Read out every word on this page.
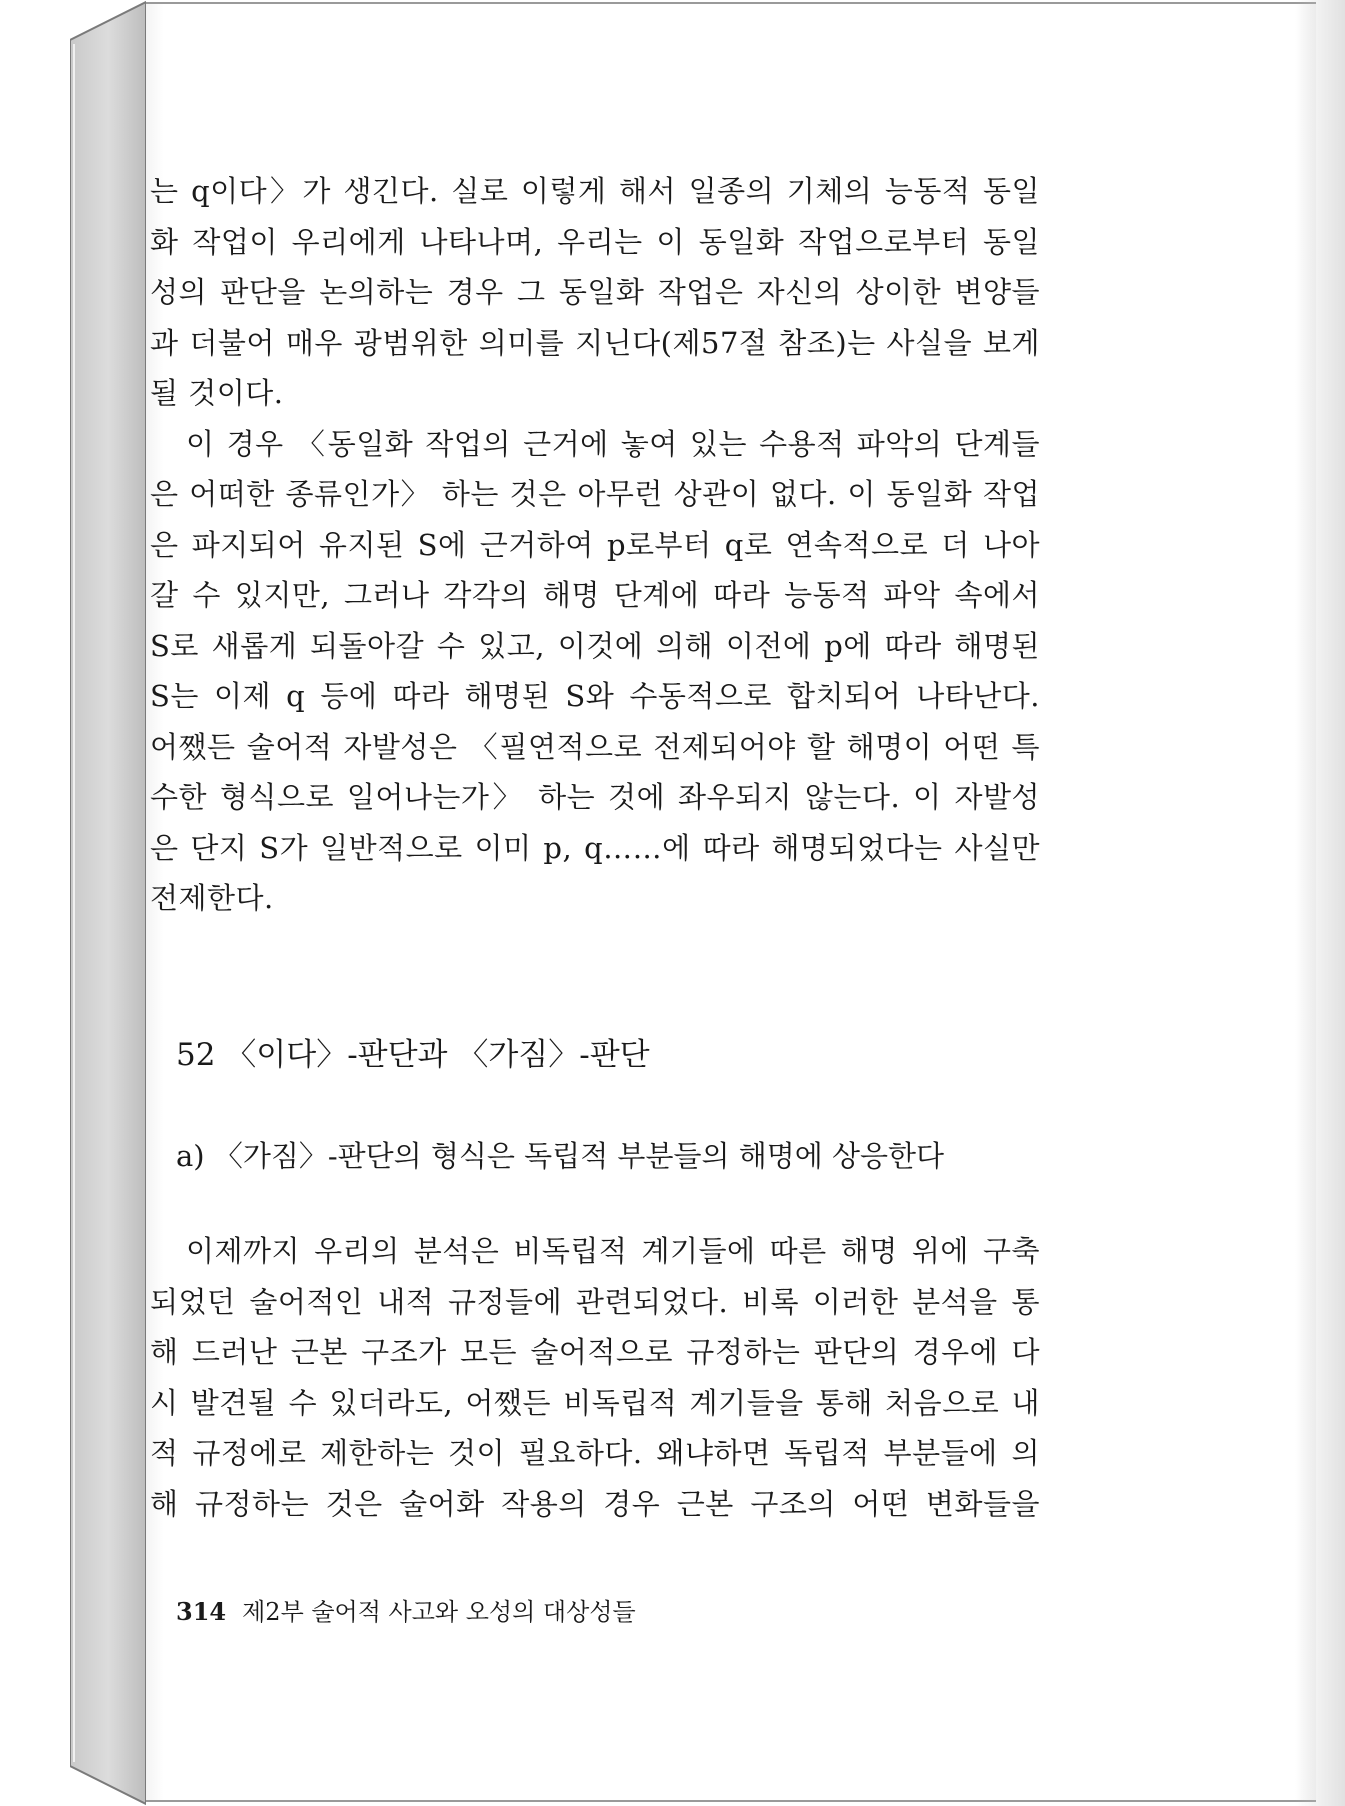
는 q이다〉가 생긴다. 실로 이렇게 해서 일종의 기체의 능동적 동일
화 작업이 우리에게 나타나며, 우리는 이 동일화 작업으로부터 동일
성의 판단을 논의하는 경우 그 동일화 작업은 자신의 상이한 변양들
과 더불어 매우 광범위한 의미를 지닌다(제57절 참조)는 사실을 보게
될 것이다.

이 경우 〈동일화 작업의 근거에 놓여 있는 수용적 파악의 단계들
은 어떠한 종류인가〉 하는 것은 아무런 상관이 없다. 이 동일화 작업
은 파지되어 유지된 S에 근거하여 p로부터 q로 연속적으로 더 나아
갈 수 있지만, 그러나 각각의 해명 단계에 따라 능동적 파악 속에서
S로 새롭게 되돌아갈 수 있고, 이것에 의해 이전에 p에 따라 해명된
S는 이제 q 등에 따라 해명된 S와 수동적으로 합치되어 나타난다.
어쨌든 술어적 자발성은 〈필연적으로 전제되어야 할 해명이 어떤 특
수한 형식으로 일어나는가〉 하는 것에 좌우되지 않는다. 이 자발성
은 단지 S가 일반적으로 이미 p, q……에 따라 해명되었다는 사실만
전제한다.

52 〈이다〉-판단과 〈가짐〉-판단
a) 〈가짐〉-판단의 형식은 독립적 부분들의 해명에 상응한다

이제까지 우리의 분석은 비독립적 계기들에 따른 해명 위에 구축
되었던 술어적인 내적 규정들에 관련되었다. 비록 이러한 분석을 통
해 드러난 근본 구조가 모든 술어적으로 규정하는 판단의 경우에 다
시 발견될 수 있더라도, 어쨌든 비독립적 계기들을 통해 처음으로 내
적 규정에로 제한하는 것이 필요하다. 왜냐하면 독립적 부분들에 의
해 규정하는 것은 술어화 작용의 경우 근본 구조의 어떤 변화들을

314 제2부 술어적 사고와 오성의 대상성들
